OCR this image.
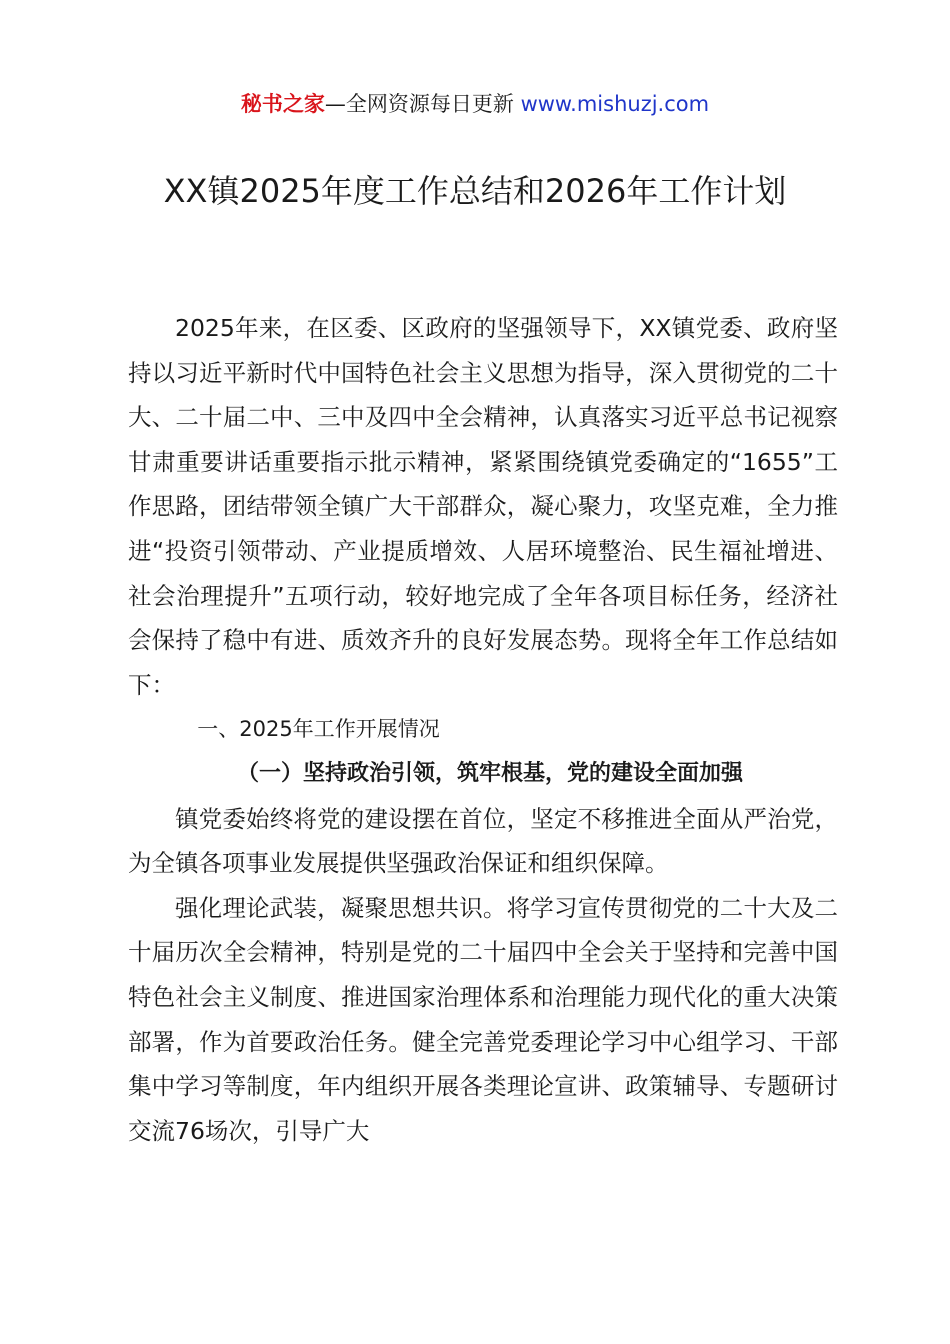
秘书之家—全网资源每日更新 www.mishuzj.com
XX镇2025年度工作总结和2026年工作计划

2025年来，在区委、区政府的坚强领导下，XX镇党委、政府坚持以习近平新时代中国特色社会主义思想为指导，深入贯彻党的二十大、二十届二中、三中及四中全会精神，认真落实习近平总书记视察甘肃重要讲话重要指示批示精神，紧紧围绕镇党委确定的“1655”工作思路，团结带领全镇广大干部群众，凝心聚力，攻坚克难，全力推进“投资引领带动、产业提质增效、人居环境整治、民生福祉增进、社会治理提升”五项行动，较好地完成了全年各项目标任务，经济社会保持了稳中有进、质效齐升的良好发展态势。现将全年工作总结如下：

一、2025年工作开展情况

（一）坚持政治引领，筑牢根基，党的建设全面加强

镇党委始终将党的建设摆在首位，坚定不移推进全面从严治党，为全镇各项事业发展提供坚强政治保证和组织保障。

强化理论武装，凝聚思想共识。将学习宣传贯彻党的二十大及二十届历次全会精神，特别是党的二十届四中全会关于坚持和完善中国特色社会主义制度、推进国家治理体系和治理能力现代化的重大决策部署，作为首要政治任务。健全完善党委理论学习中心组学习、干部集中学习等制度，年内组织开展各类理论宣讲、政策辅导、专题研讨交流76场次，引导广大
